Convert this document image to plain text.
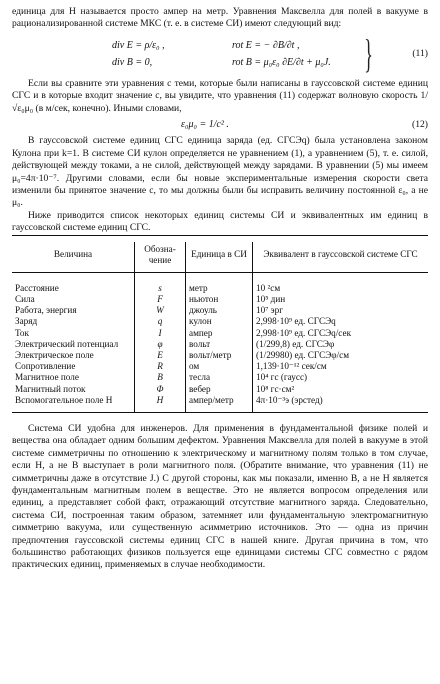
единица для H называется просто ампер на метр. Уравнения Максвелла для полей в вакууме в рационализированной системе МКС (т. е. в системе СИ) имеют следующий вид:

div E = ρ/ε₀ ,	rot E = − ∂B/∂t ,
div B = 0,	rot B = μ₀ε₀ ∂E/∂t + μ₀J. }	(11)

Если вы сравните эти уравнения с теми, которые были написаны в гауссовской системе единиц СГС и в которые входит значение c, вы увидите, что уравнения (11) содержат волновую скорость 1/√ε₀μ₀ (в м/сек, конечно). Иными словами,

ε₀μ₀ = 1/c² .	(12)

В гауссовской системе единиц СГС единица заряда (ед. СГСЭq) была установлена законом Кулона при k=1. В системе СИ кулон определяется не уравнением (1), а уравнением (5), т. е. силой, действующей между токами, а не силой, действующей между зарядами. В уравнении (5) мы имеем μ₀=4π·10⁻⁷. Другими словами, если бы новые экспериментальные измерения скорости света изменили бы принятое значение c, то мы должны были бы исправить величину постоянной ε₀, а не μ₀.

Ниже приводится список некоторых единиц системы СИ и эквивалентных им единиц в гауссовской системе единиц СГС.

Величина	Обозна-чение	Единица в СИ	Эквивалент в гауссовской системе СГС
Расстояние	s	метр	10 ²см
Сила	F	ньютон	10⁵ дин
Работа, энергия	W	джоуль	10⁷ эрг
Заряд	q	кулон	2,998·10⁹ ед. СГСЭq
Ток	I	ампер	2,998·10⁹ ед. СГСЭq/сек
Электрический потенциал	φ	вольт	(1/299,8) ед. СГСЭφ
Электрическое поле	E	вольт/метр	(1/29980) ед. СГСЭφ/см
Сопротивление	R	ом	1,139·10⁻¹² сек/см
Магнитное поле	B	тесла	10⁴ гс (гаусс)
Магнитный поток	Φ	вебер	10⁸ гс·см²
Вспомогательное поле H	H	ампер/метр	4π·10⁻³э (эрстед)

Система СИ удобна для инженеров. Для применения в фундаментальной физике полей и вещества она обладает одним большим дефектом. Уравнения Максвелла для полей в вакууме в этой системе симметричны по отношению к электрическому и магнитному полям только в том случае, если H, а не B выступает в роли магнитного поля. (Обратите внимание, что уравнения (11) не симметричны даже в отсутствие J.) С другой стороны, как мы показали, именно B, а не H является фундаментальным магнитным полем в веществе. Это не является вопросом определения или единиц, а представляет собой факт, отражающий отсутствие магнитного заряда. Следовательно, система СИ, построенная таким образом, затемняет или фундаментальную электромагнитную симметрию вакуума, или существенную асимметрию источников. Это — одна из причин предпочтения гауссовской системы единиц СГС в нашей книге. Другая причина в том, что большинство работающих физиков пользуется еще единицами системы СГС совместно с рядом практических единиц, применяемых в случае необходимости.
